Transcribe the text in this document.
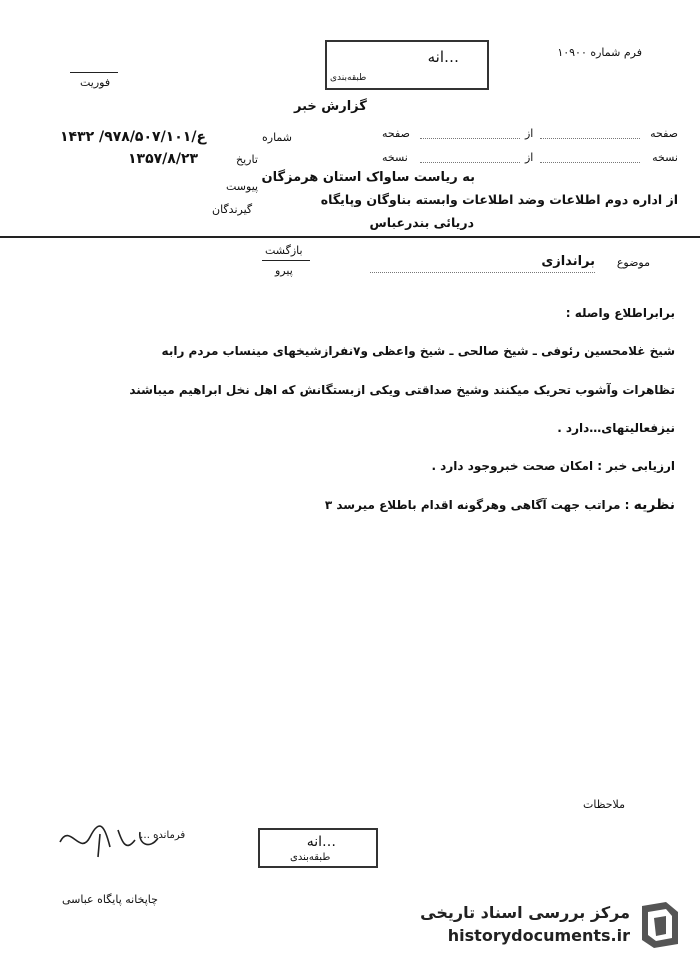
فرم شماره ۱۰۹۰۰
…انه
طبقه‌بندی
فوریت
گزارش خبر
صفحه
از
صفحه
نسخه
از
نسخه
شماره
ع/۹۷۸/۵۰۷/۱۰۱/ ۱۴۳۲
تاریخ
۱۳۵۷/۸/۲۳
پیوست
گیرندگان
به ریاست ساواک استان هرمزگان
از اداره دوم اطلاعات وضد اطلاعات وابسته بناوگان وپایگاه
دریائی بندرعباس
بازگشت
پیرو
موضوع
براندازی
برابراطلاع واصله :
شیخ غلامحسین رئوفی ـ شیخ صالحی ـ شیخ واعظی و۷نفرازشیخهای مینساب مردم رابه
تظاهرات وآشوب تحریک میکنند وشیخ صداقتی ویکی ازبستگانش که اهل نخل ابراهیم میباشند
نیزفعالیتهای…دارد .
ارزیابی خبر : امکان صحت خبروجود دارد .
نظریه : مراتب جهت آگاهی وهرگونه اقدام باطلاع میرسد ۳
ملاحظات
فرمانده …	…انه
طبقه‌بندی
چاپخانه پایگاه عباسی
مرکز بررسی اسناد تاریخی
historydocuments.ir
